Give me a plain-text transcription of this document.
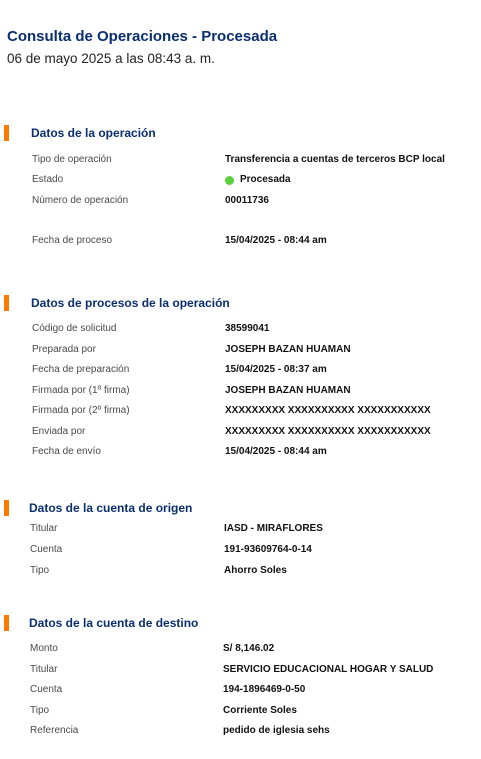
Consulta de Operaciones - Procesada
06 de mayo 2025 a las 08:43 a. m.
Datos de la operación
Tipo de operación	Transferencia a cuentas de terceros BCP local
Estado	Procesada
Número de operación	00011736
Fecha de proceso	15/04/2025 - 08:44 am
Datos de procesos de la operación
Código de solicitud	38599041
Preparada por	JOSEPH BAZAN HUAMAN
Fecha de preparación	15/04/2025 - 08:37 am
Firmada por (1º firma)	JOSEPH BAZAN HUAMAN
Firmada por (2º firma)	XXXXXXXXX XXXXXXXXXX XXXXXXXXXXX
Enviada por	XXXXXXXXX XXXXXXXXXX XXXXXXXXXXX
Fecha de envío	15/04/2025 - 08:44 am
Datos de la cuenta de origen
Titular	IASD - MIRAFLORES
Cuenta	191-93609764-0-14
Tipo	Ahorro Soles
Datos de la cuenta de destino
Monto	S/ 8,146.02
Titular	SERVICIO EDUCACIONAL HOGAR Y SALUD
Cuenta	194-1896469-0-50
Tipo	Corriente Soles
Referencia	pedido de iglesia sehs
